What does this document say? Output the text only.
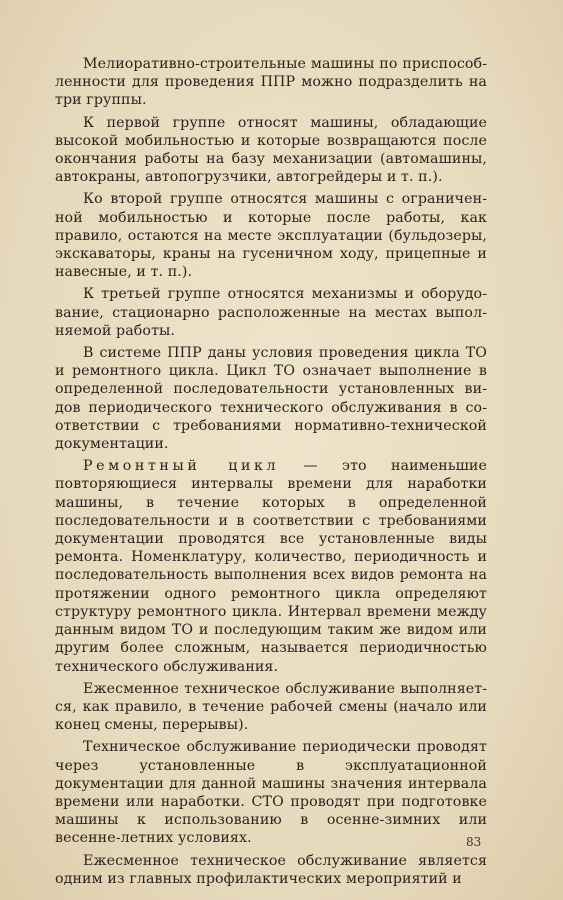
Мелиоративно-строительные машины по приспособленности для проведения ППР можно подразделить на три группы.

К первой группе относят машины, обладающие высокой мобильностью и которые возвращаются после окончания работы на базу механизации (автомашины, автокраны, автопогрузчики, автогрейдеры и т. п.).

Ко второй группе относятся машины с ограниченной мобильностью и которые после работы, как правило, остаются на месте эксплуатации (бульдозеры, экскаваторы, краны на гусеничном ходу, прицепные и навесные, и т. п.).

К третьей группе относятся механизмы и оборудование, стационарно расположенные на местах выполняемой работы.

В системе ППР даны условия проведения цикла ТО и ремонтного цикла. Цикл ТО означает выполнение в определенной последовательности установленных видов периодического технического обслуживания в соответствии с требованиями нормативно-технической документации.

Ремонтный цикл — это наименьшие повторяющиеся интервалы времени для наработки машины, в течение которых в определенной последовательности и в соответствии с требованиями документации проводятся все установленные виды ремонта. Номенклатуру, количество, периодичность и последовательность выполнения всех видов ремонта на протяжении одного ремонтного цикла определяют структуру ремонтного цикла. Интервал времени между данным видом ТО и последующим таким же видом или другим более сложным, называется периодичностью технического обслуживания.

Ежесменное техническое обслуживание выполняется, как правило, в течение рабочей смены (начало или конец смены, перерывы).

Техническое обслуживание периодически проводят через установленные в эксплуатационной документации для данной машины значения интервала времени или наработки. СТО проводят при подготовке машины к использованию в осенне-зимних или весенне-летних условиях.

Ежесменное техническое обслуживание является одним из главных профилактических мероприятий и

83
